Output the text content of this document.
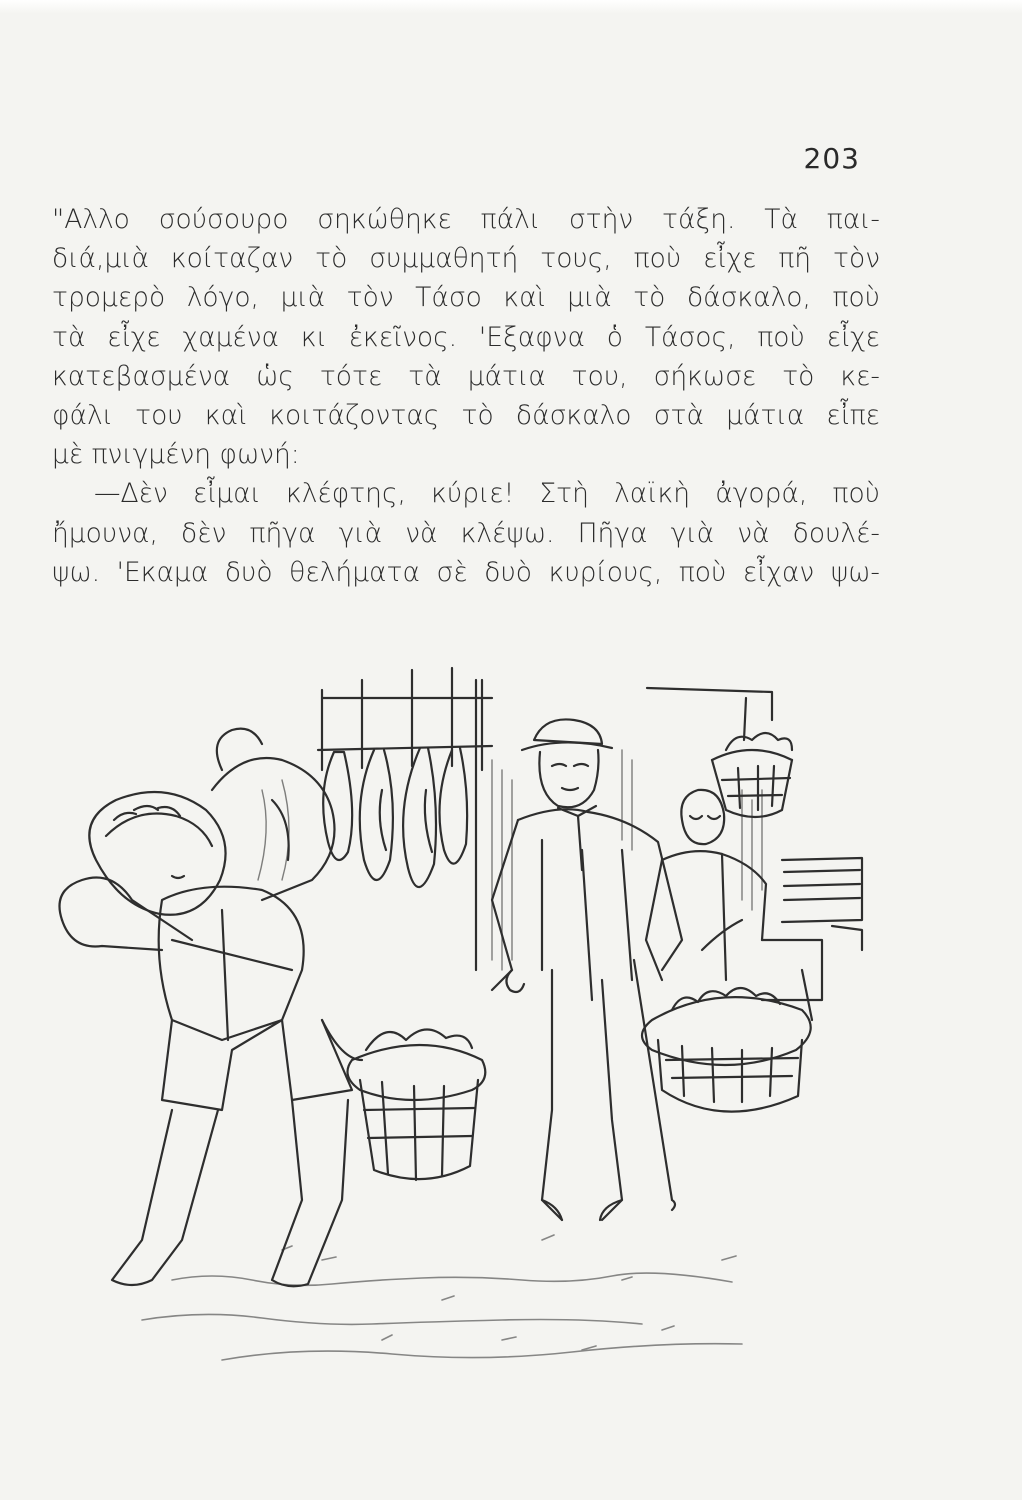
203
"Αλλο σούσουρο σηκώθηκε πάλι στὴν τάξη. Τὰ παι-
διά,μιὰ κοίταζαν τὸ συμμαθητή τους, ποὺ εἶχε πῆ τὸν
τρομερὸ λόγο, μιὰ τὸν Τάσο καὶ μιὰ τὸ δάσκαλο, ποὺ
τὰ εἶχε χαμένα κι ἐκεῖνος. 'Εξαφνα ὁ Τάσος, ποὺ εἶχε
κατεβασμένα ὡς τότε τὰ μάτια του, σήκωσε τὸ κε-
φάλι του καὶ κοιτάζοντας τὸ δάσκαλο στὰ μάτια εἶπε
μὲ πνιγμένη φωνή:
—Δὲν εἶμαι κλέφτης, κύριε! Στὴ λαϊκὴ ἀγορά, ποὺ
ἤμουνα, δὲν πῆγα γιὰ νὰ κλέψω. Πῆγα γιὰ νὰ δουλέ-
ψω. 'Εκαμα δυὸ θελήματα σὲ δυὸ κυρίους, ποὺ εἶχαν ψω-
